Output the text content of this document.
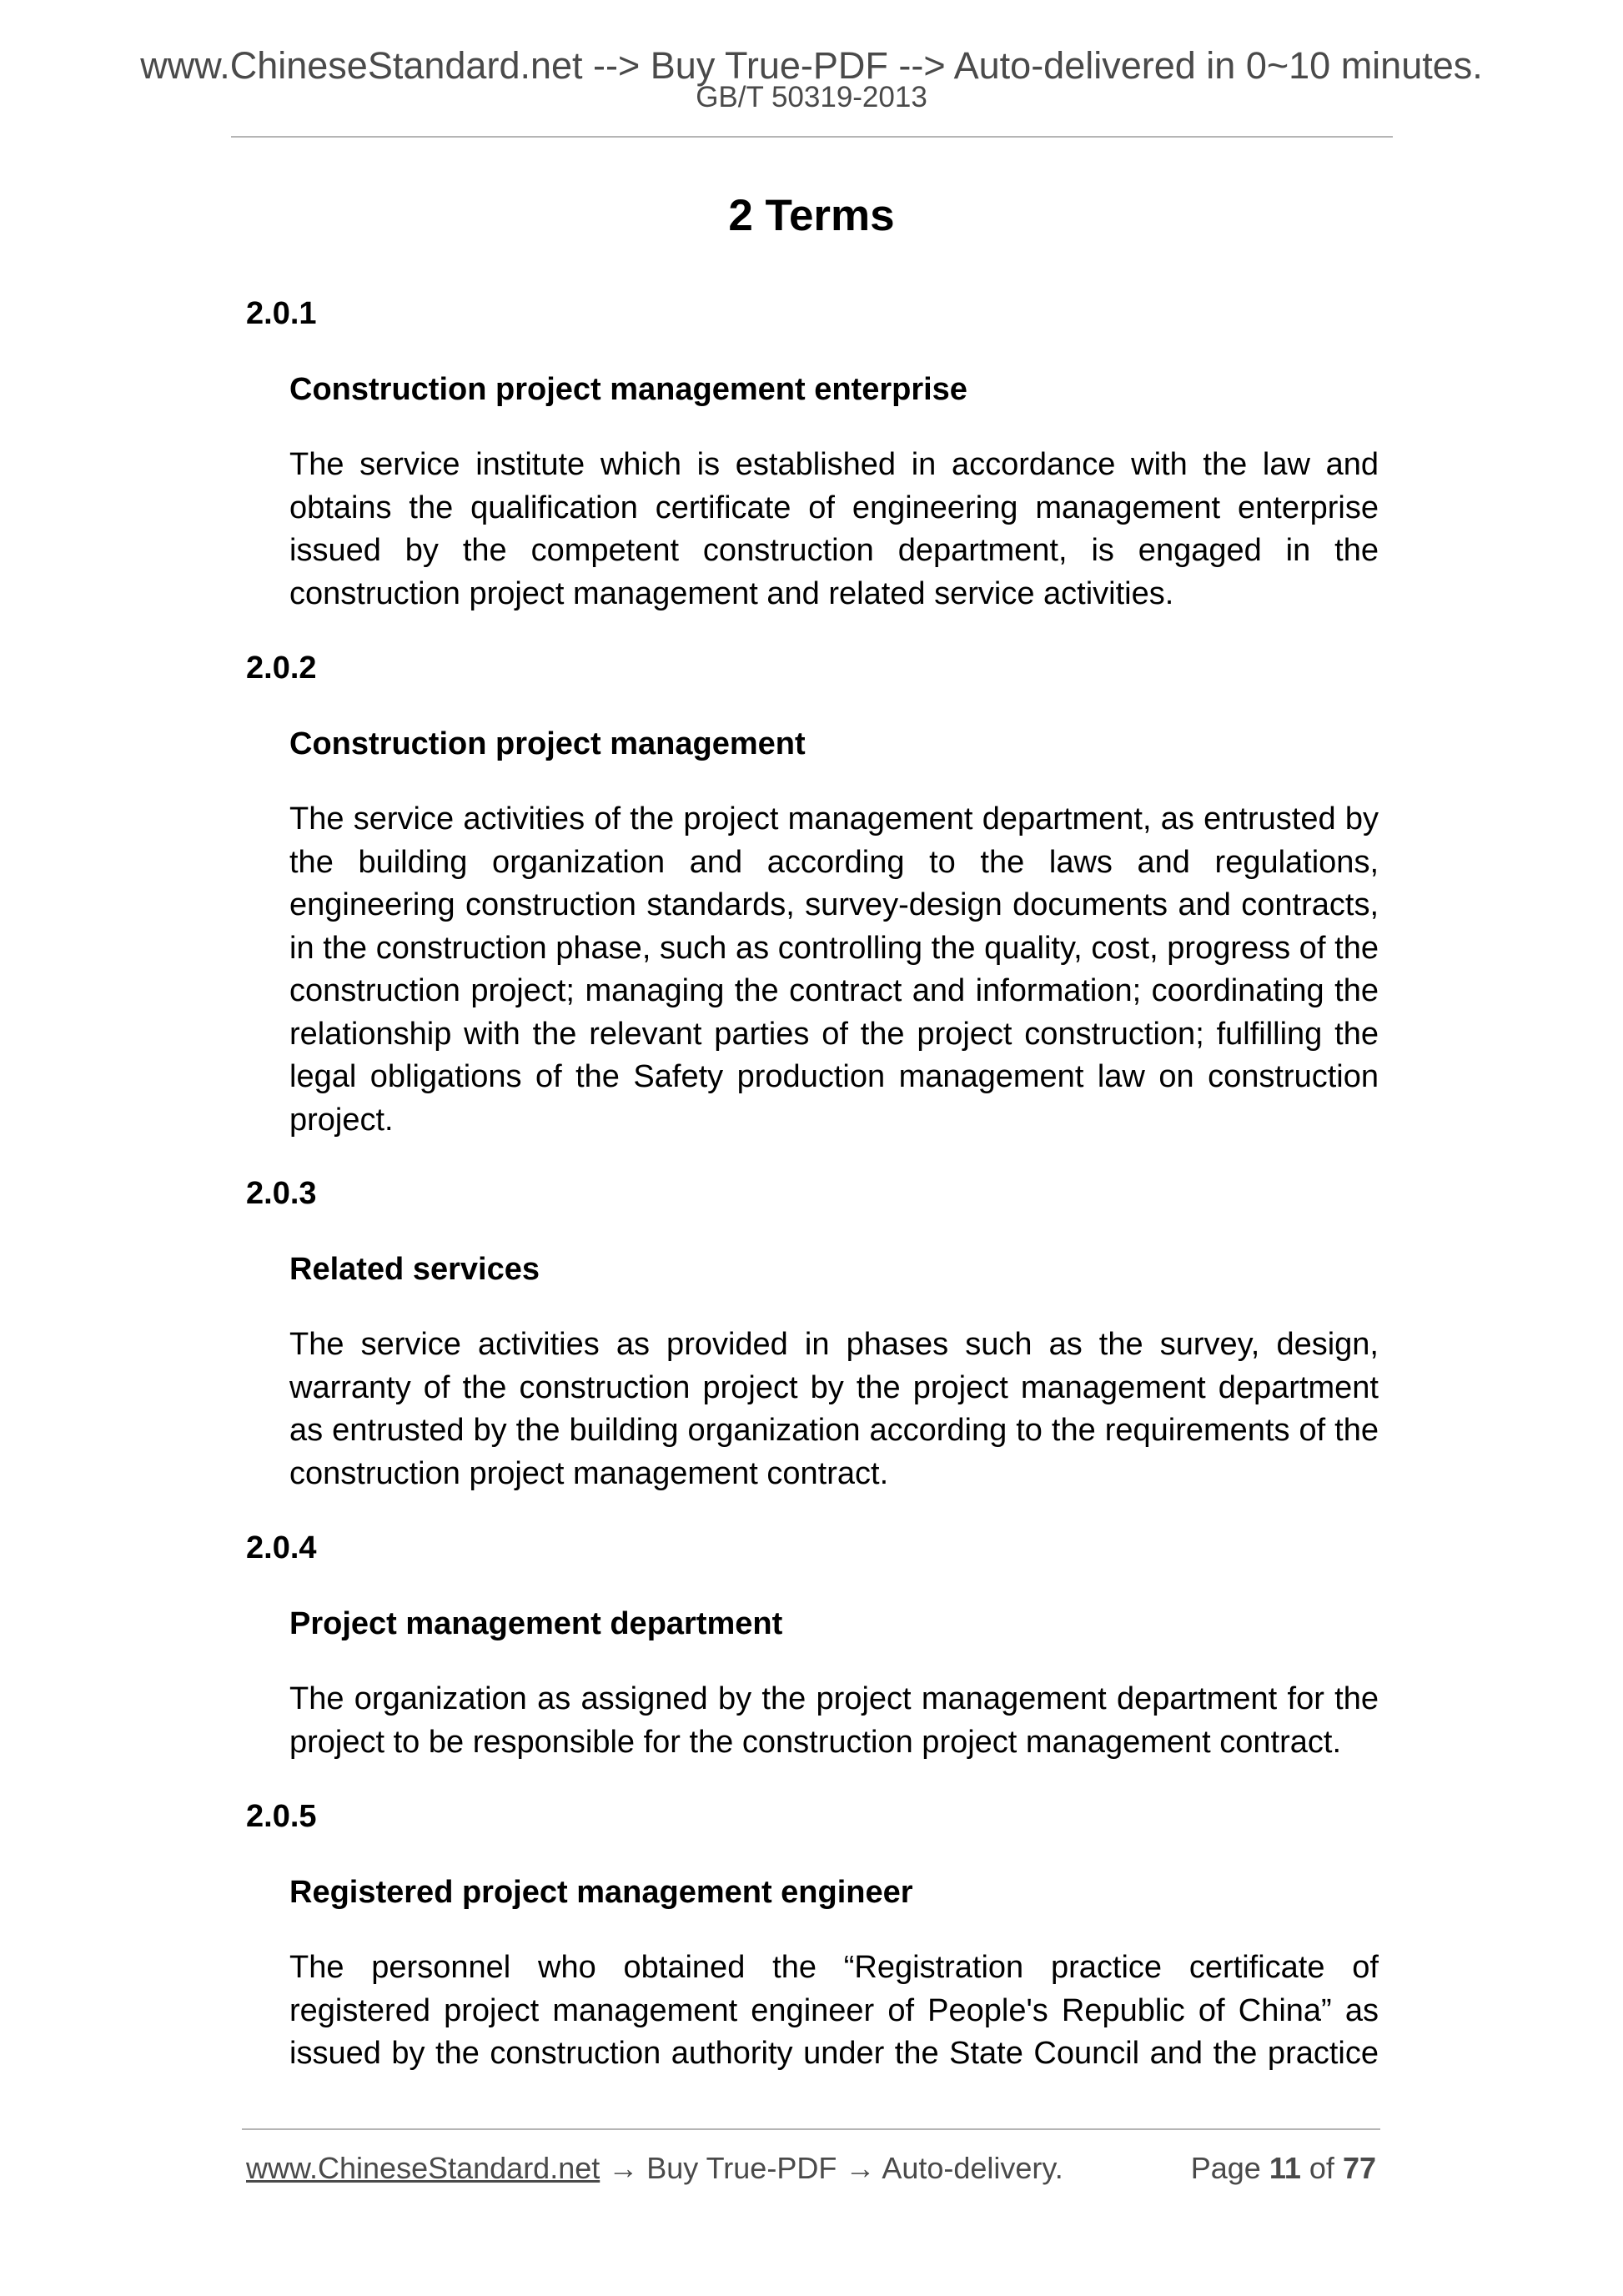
www.ChineseStandard.net --> Buy True-PDF --> Auto-delivered in 0~10 minutes.
GB/T 50319-2013
2 Terms
2.0.1
Construction project management enterprise
The service institute which is established in accordance with the law and obtains the qualification certificate of engineering management enterprise issued by the competent construction department, is engaged in the construction project management and related service activities.
2.0.2
Construction project management
The service activities of the project management department, as entrusted by the building organization and according to the laws and regulations, engineering construction standards, survey-design documents and contracts, in the construction phase, such as controlling the quality, cost, progress of the construction project; managing the contract and information; coordinating the relationship with the relevant parties of the project construction; fulfilling the legal obligations of the Safety production management law on construction project.
2.0.3
Related services
The service activities as provided in phases such as the survey, design, warranty of the construction project by the project management department as entrusted by the building organization according to the requirements of the construction project management contract.
2.0.4
Project management department
The organization as assigned by the project management department for the project to be responsible for the construction project management contract.
2.0.5
Registered project management engineer
The personnel who obtained the “Registration practice certificate of registered project management engineer of People's Republic of China” as issued by the construction authority under the State Council and the practice
www.ChineseStandard.net → Buy True-PDF → Auto-delivery.	Page 11 of 77
